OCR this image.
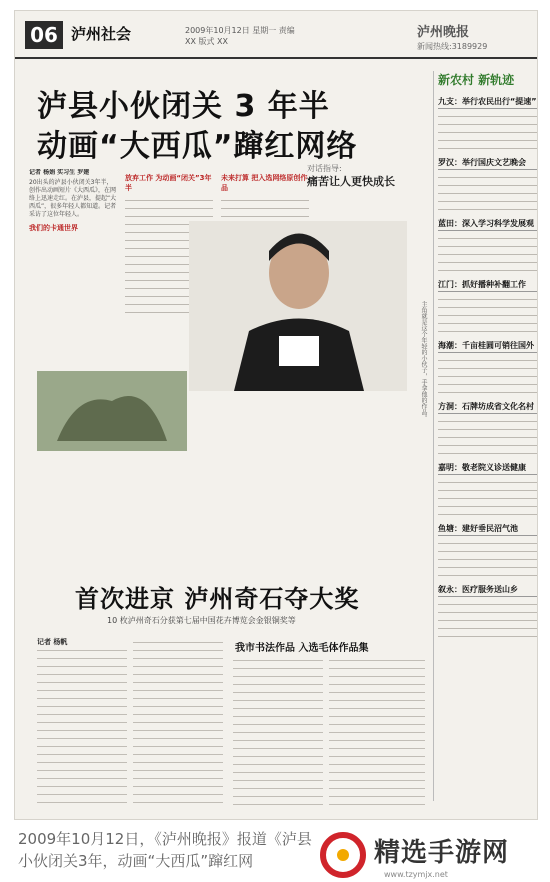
06 泸州社会	2009年10月12日 星期一 责编 XX 版式 XX
泸州晚报
新闻热线:3189929
泸县小伙闭关 3 年半
动画“大西瓜”蹿红网络
记者 杨娟 实习生 罗建
20出头的泸县小伙闭关3年半，创作出动画短片《大西瓜》，在网络上迅速走红。在泸县，提起“大西瓜”，很多年轻人都知道。记者采访了这位年轻人。
我们的卡通世界
放弃工作 为动画“闭关”3年半
未来打算 把入选网络原创作品
对话指导:
痛苦让人更快成长
主角就是这个年轻的小伙子，手拿他的作品。
新农村 新轨迹
九支：举行农民出行“提速”
罗汉：举行国庆文艺晚会
蓝田：深入学习科学发展观
江门：抓好播种补翻工作
海潮：千亩桂圆可销往国外
方洞：石牌坊成省文化名村
嘉明：敬老院义诊送健康
鱼塘：建好垂民沼气池
叙永：医疗服务送山乡
首次进京 泸州奇石夺大奖
10 枚泸州奇石分获第七届中国花卉博览会金银铜奖等
记者 杨帆
我市书法作品 入选毛体作品集
2009年10月12日，《泸州晚报》报道《泸县小伙闭关3年，动画“大西瓜”蹿红网	精选手游网
www.tzymjx.net
